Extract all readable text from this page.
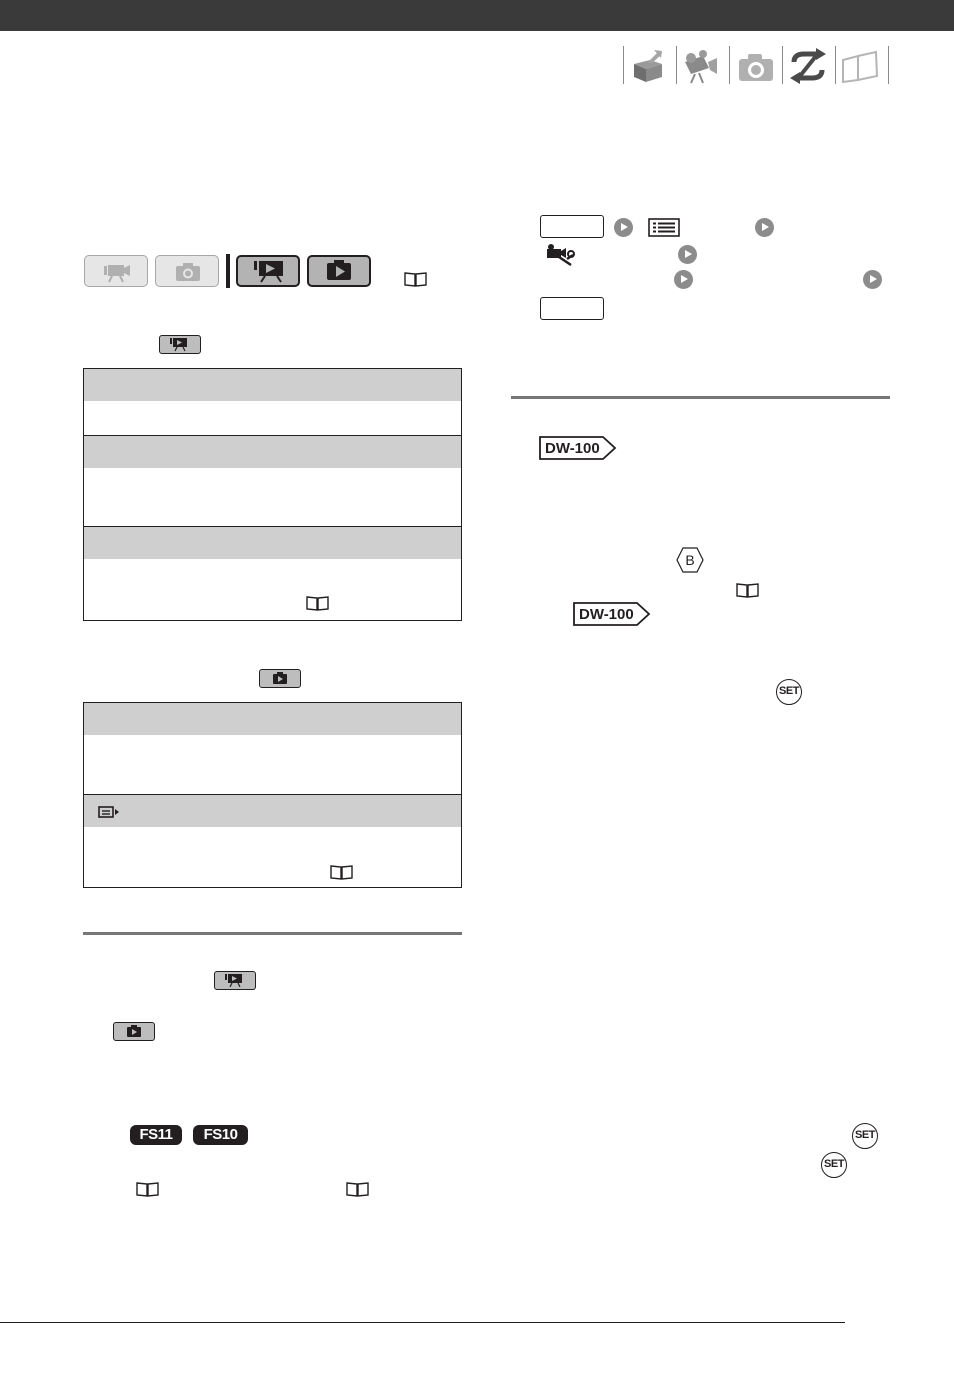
FS11	FS10
DW-100
B
DW-100
SET
SET
SET
